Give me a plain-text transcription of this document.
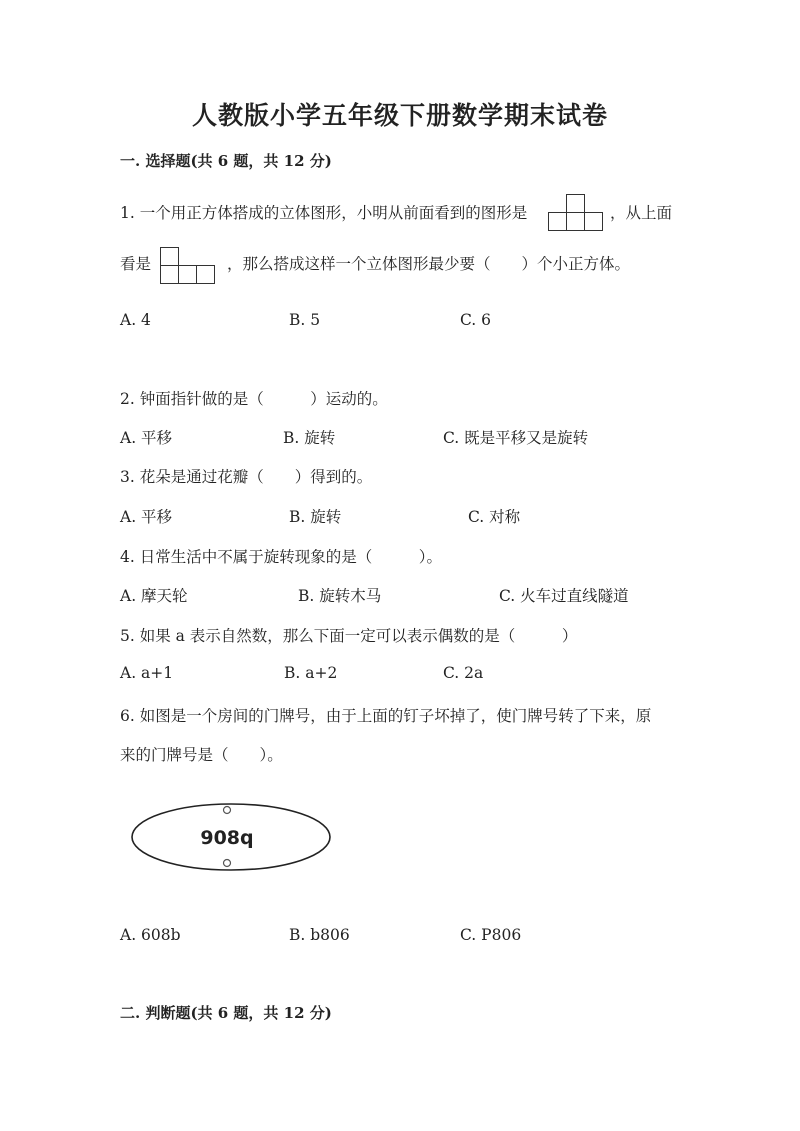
人教版小学五年级下册数学期末试卷
一. 选择题(共 6 题，共 12 分)
1. 一个用正方体搭成的立体图形，小明从前面看到的图形是

			，从上面
看是

			，那么搭成这样一个立体图形最少要（　　）个小正方体。
A. 4	B. 5	C. 6
2. 钟面指针做的是（　　　）运动的。
A. 平移	B. 旋转	C. 既是平移又是旋转
3. 花朵是通过花瓣（　　）得到的。
A. 平移	B. 旋转	C. 对称
4. 日常生活中不属于旋转现象的是（　　　）。
A. 摩天轮	B. 旋转木马	C. 火车过直线隧道
5. 如果 a 表示自然数，那么下面一定可以表示偶数的是（　　　）
A. a+1	B. a+2	C. 2a
6. 如图是一个房间的门牌号，由于上面的钉子坏掉了，使门牌号转了下来，原
来的门牌号是（　　）。
908q
A. 608b	B. b806	C. P806
二. 判断题(共 6 题，共 12 分)
